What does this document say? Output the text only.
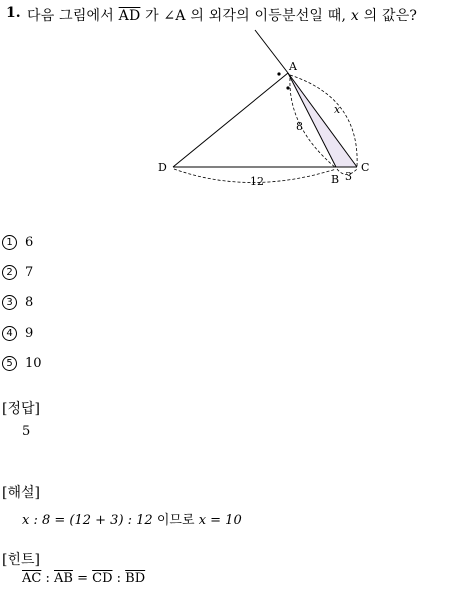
1. 다음 그림에서 $\overline{AD}$ 가 ∠A 의 외각의 이등분선일 때, x 의 값은?
A
B
C
D
8
x
12	3
1 6
2 7
3 8
4 9
5 10
[정답]
5
[해설]
x : 8 = (12 + 3) : 12 이므로 x = 10
[힌트]
$\overline{AC}$ : $\overline{AB} = \overline{CD}$ : $\overline{BD}$
